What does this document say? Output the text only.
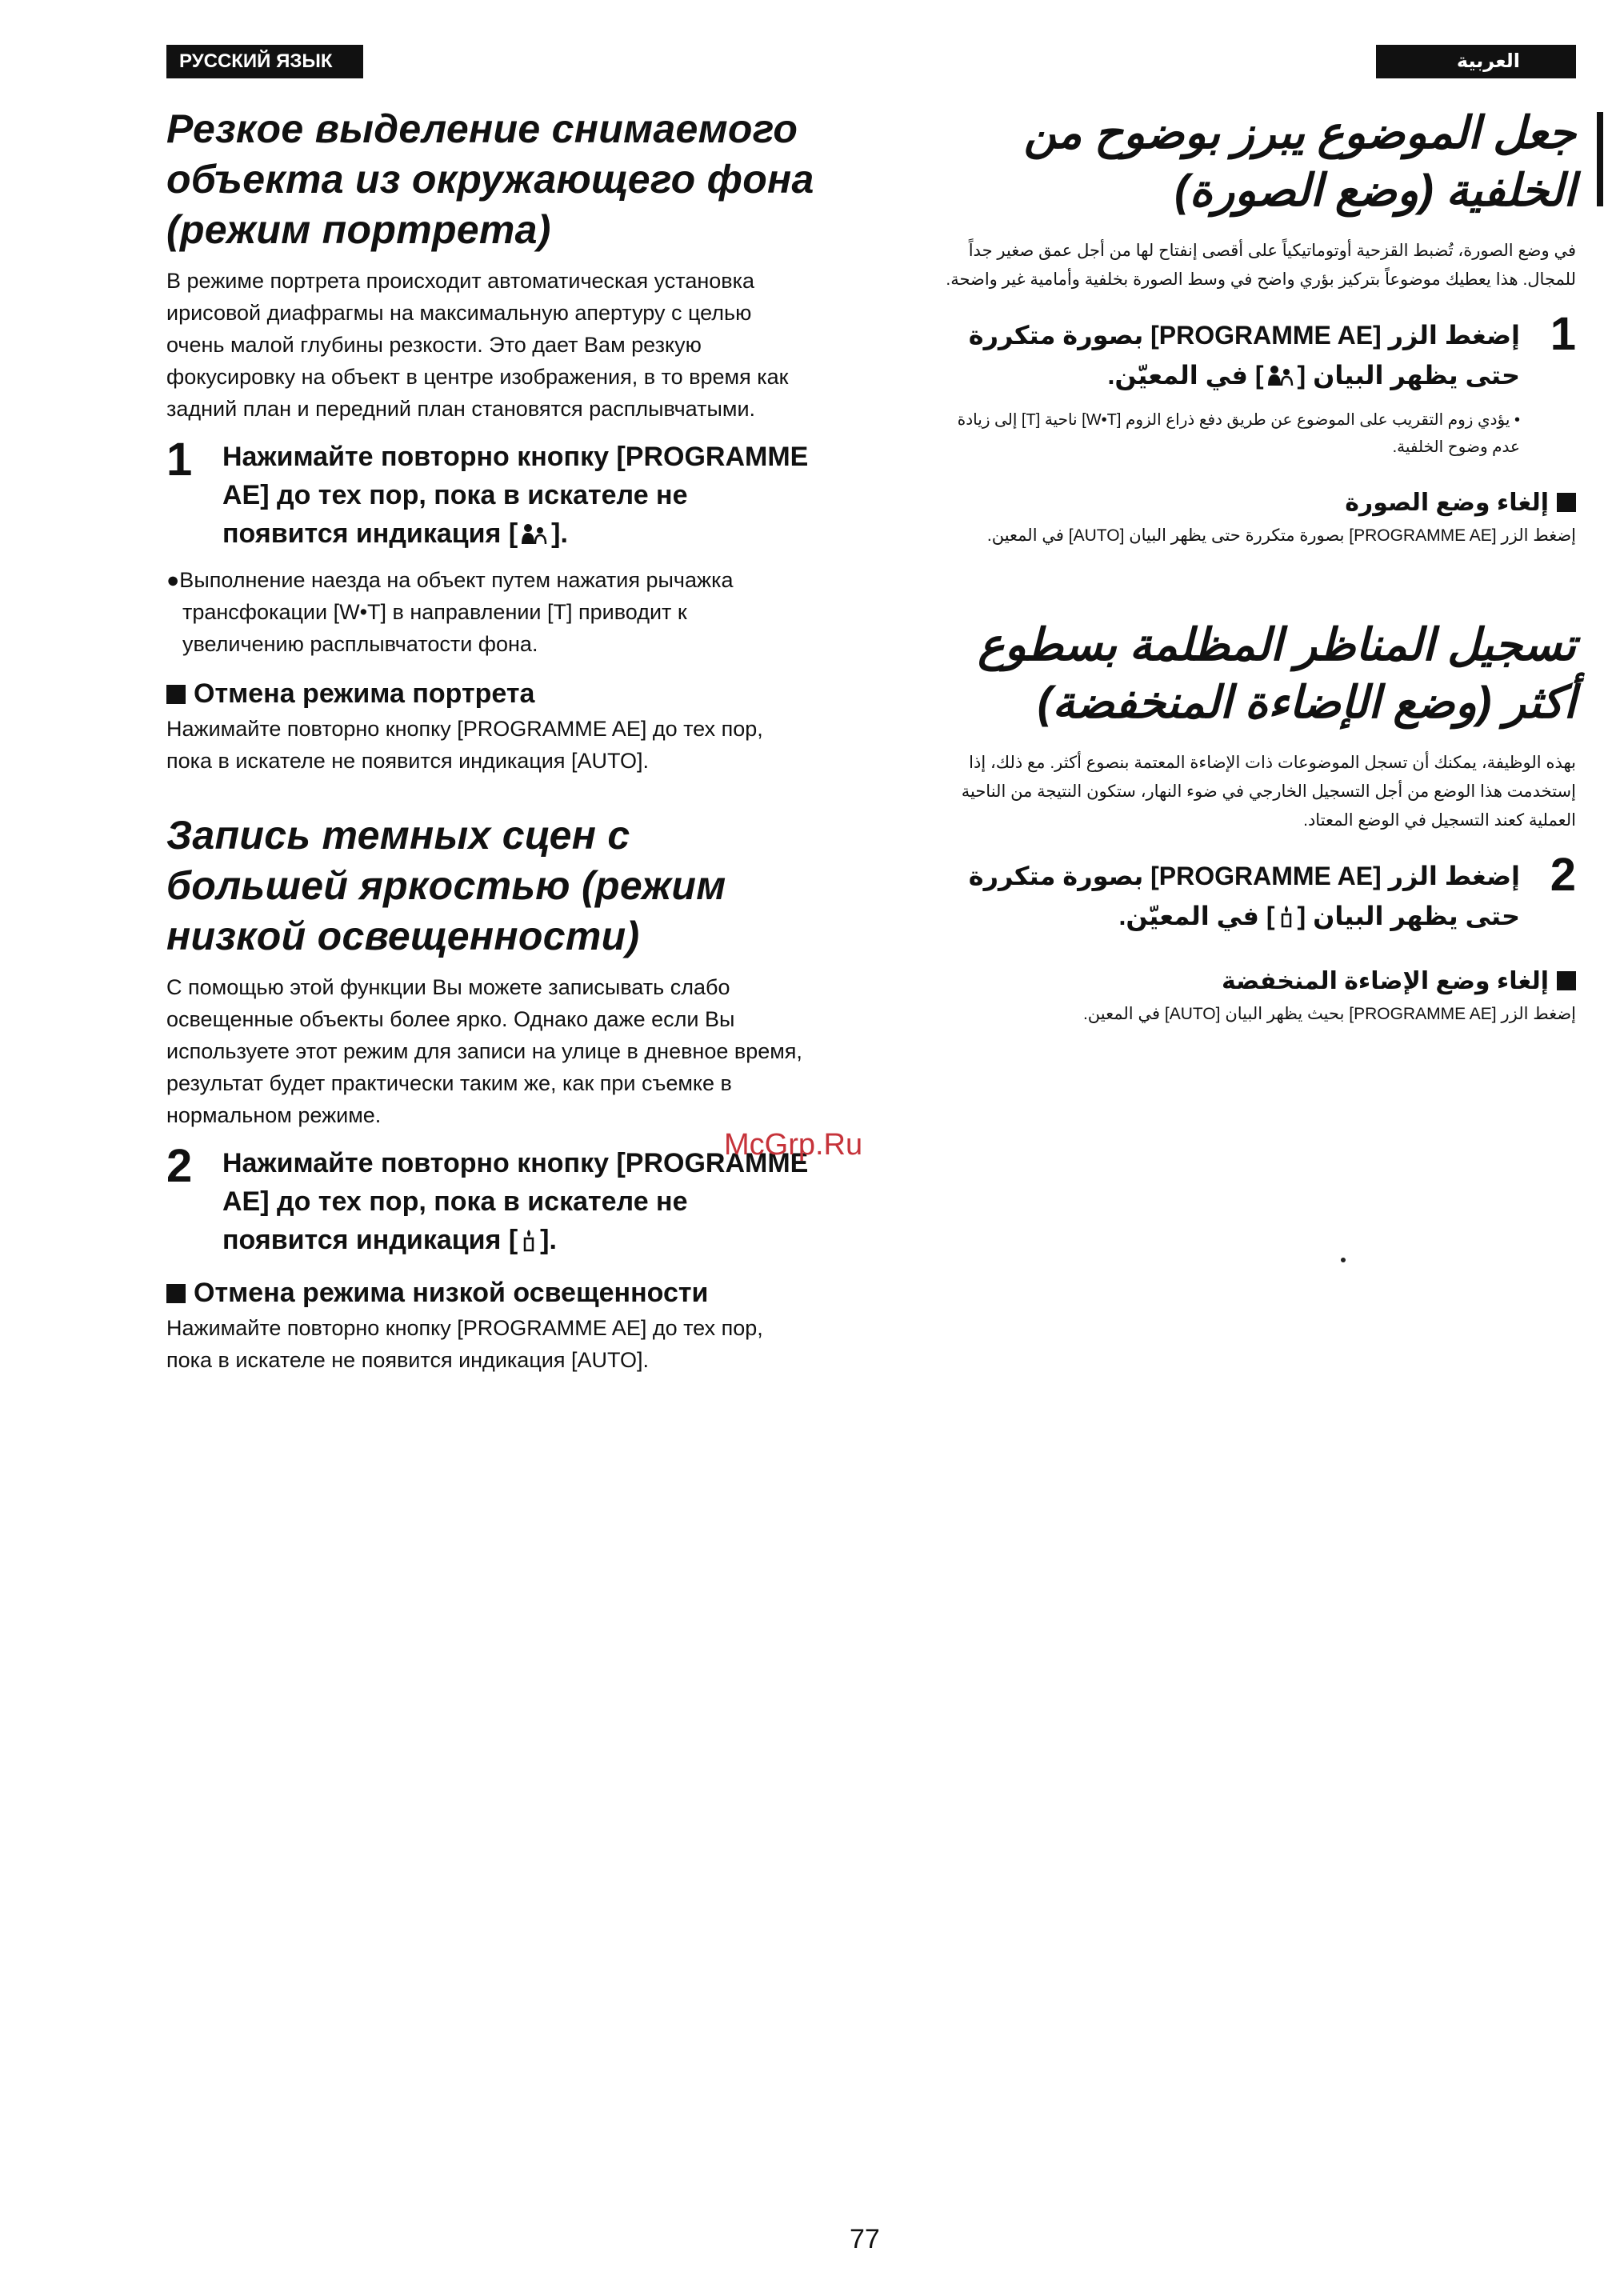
РУССКИЙ ЯЗЫК	العربية
Резкое выделение снимаемого объекта из окружающего фона (режим портрета)

В режиме портрета происходит автоматическая установка ирисовой диафрагмы на максимальную апертуру с целью очень малой глубины резкости. Это дает Вам резкую фокусировку на объект в центре изображения, в то время как задний план и передний план становятся расплывчатыми.

1 Нажимайте повторно кнопку [PROGRAMME AE] до тех пор, пока в искателе не появится индикация [ ].

●Выполнение наезда на объект путем нажатия рычажка трансфокации [W•T] в направлении [T] приводит к увеличению расплывчатости фона.

Отмена режима портрета

Нажимайте повторно кнопку [PROGRAMME AE] до тех пор, пока в искателе не появится индикация [AUTO].

Запись темных сцен с большей яркостью (режим низкой освещенности)

С помощью этой функции Вы можете записывать слабо освещенные объекты более ярко. Однако даже если Вы используете этот режим для записи на улице в дневное время, результат будет практически таким же, как при съемке в нормальном режиме.

2 Нажимайте повторно кнопку [PROGRAMME AE] до тех пор, пока в искателе не появится индикация [ ].
Отмена режима низкой освещенности

Нажимайте повторно кнопку [PROGRAMME AE] до тех пор, пока в искателе не появится индикация [AUTO].

جعل الموضوع يبرز بوضوح من الخلفية (وضع الصورة)

في وضع الصورة، تُضبط القزحية أوتوماتيكياً على أقصى إنفتاح لها من أجل عمق صغير جداً للمجال. هذا يعطيك موضوعاً بتركيز بؤري واضح في وسط الصورة بخلفية وأمامية غير واضحة.

1
إضغط الزر [PROGRAMME AE] بصورة متكررة حتى يظهر البيان [] في المعيّن.

• يؤدي زوم التقريب على الموضوع عن طريق دفع ذراع الزوم [W•T] ناحية [T] إلى زيادة عدم وضوح الخلفية.

إلغاء وضع الصورة

إضغط الزر [PROGRAMME AE] بصورة متكررة حتى يظهر البيان [AUTO] في المعين.

تسجيل المناظر المظلمة بسطوع أكثر (وضع الإضاءة المنخفضة)

بهذه الوظيفة، يمكنك أن تسجل الموضوعات ذات الإضاءة المعتمة بنصوع أكثر. مع ذلك، إذا إستخدمت هذا الوضع من أجل التسجيل الخارجي في ضوء النهار، ستكون النتيجة من الناحية العملية كعند التسجيل في الوضع المعتاد.

2
إضغط الزر [PROGRAMME AE] بصورة متكررة حتى يظهر البيان [] في المعيّن.
إلغاء وضع الإضاءة المنخفضة

إضغط الزر [PROGRAMME AE] بحيث يظهر البيان [AUTO] في المعين.

McGrp.Ru
77
